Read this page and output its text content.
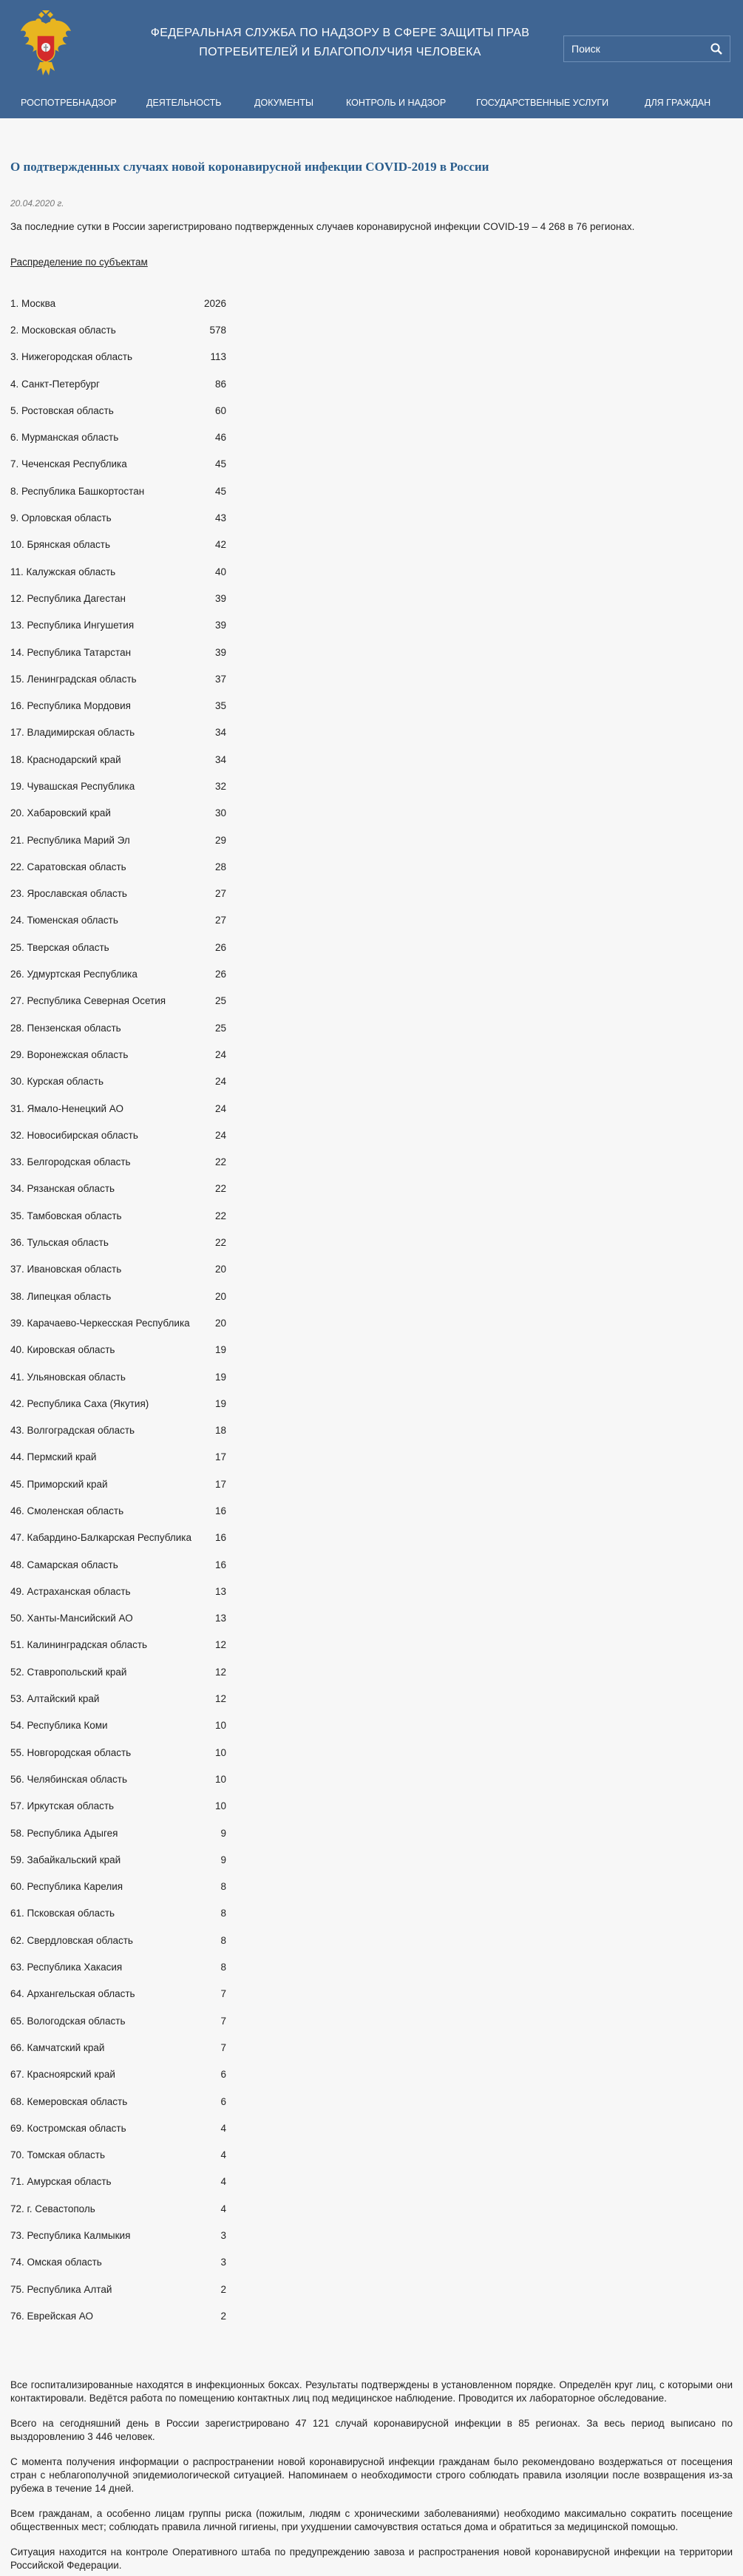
ФЕДЕРАЛЬНАЯ СЛУЖБА ПО НАДЗОРУ В СФЕРЕ ЗАЩИТЫ ПРАВ ПОТРЕБИТЕЛЕЙ И БЛАГОПОЛУЧИЯ ЧЕЛОВЕКА
Поиск
РОСПОТРЕБНАДЗОР	ДЕЯТЕЛЬНОСТЬ	ДОКУМЕНТЫ	КОНТРОЛЬ И НАДЗОР	ГОСУДАРСТВЕННЫЕ УСЛУГИ	ДЛЯ ГРАЖДАН
О подтвержденных случаях новой коронавирусной инфекции COVID-2019 в России
20.04.2020 г.

За последние сутки в России зарегистрировано подтвержденных случаев коронавирусной инфекции COVID-19 – 4 268 в 76 регионах.

Распределение по субъектам
1. Москва	2026
2. Московская область	578
3. Нижегородская область	113
4. Санкт-Петербург	86
5. Ростовская область	60
6. Мурманская область	46
7. Чеченская Республика	45
8. Республика Башкортостан	45
9. Орловская область	43
10. Брянская область	42
11. Калужская область	40
12. Республика Дагестан	39
13. Республика Ингушетия	39
14. Республика Татарстан	39
15. Ленинградская область	37
16. Республика Мордовия	35
17. Владимирская область	34
18. Краснодарский край	34
19. Чувашская Республика	32
20. Хабаровский край	30
21. Республика Марий Эл	29
22. Саратовская область	28
23. Ярославская область	27
24. Тюменская область	27
25. Тверская область	26
26. Удмуртская Республика	26
27. Республика Северная Осетия	25
28. Пензенская область	25
29. Воронежская область	24
30. Курская область	24
31. Ямало-Ненецкий АО	24
32. Новосибирская область	24
33. Белгородская область	22
34. Рязанская область	22
35. Тамбовская область	22
36. Тульская область	22
37. Ивановская область	20
38. Липецкая область	20
39. Карачаево-Черкесская Республика	20
40. Кировская область	19
41. Ульяновская область	19
42. Республика Саха (Якутия)	19
43. Волгоградская область	18
44. Пермский край	17
45. Приморский край	17
46. Смоленская область	16
47. Кабардино-Балкарская Республика	16
48. Самарская область	16
49. Астраханская область	13
50. Ханты-Мансийский АО	13
51. Калининградская область	12
52. Ставропольский край	12
53. Алтайский край	12
54. Республика Коми	10
55. Новгородская область	10
56. Челябинская область	10
57. Иркутская область	10
58. Республика Адыгея	9
59. Забайкальский край	9
60. Республика Карелия	8
61. Псковская область	8
62. Свердловская область	8
63. Республика Хакасия	8
64. Архангельская область	7
65. Вологодская область	7
66. Камчатский край	7
67. Красноярский край	6
68. Кемеровская область	6
69. Костромская область	4
70. Томская область	4
71. Амурская область	4
72. г. Севастополь	4
73. Республика Калмыкия	3
74. Омская область	3
75. Республика Алтай	2
76. Еврейская АО	2

Все госпитализированные находятся в инфекционных боксах. Результаты подтверждены в установленном порядке. Определён круг лиц, с которыми они контактировали. Ведётся работа по помещению контактных лиц под медицинское наблюдение. Проводится их лабораторное обследование.

Всего на сегодняшний день в России зарегистрировано 47 121 случай коронавирусной инфекции в 85 регионах. За весь период выписано по выздоровлению 3 446 человек.

С момента получения информации о распространении новой коронавирусной инфекции гражданам было рекомендовано воздержаться от посещения стран с неблагополучной эпидемиологической ситуацией. Напоминаем о необходимости строго соблюдать правила изоляции после возвращения из-за рубежа в течение 14 дней.

Всем гражданам, а особенно лицам группы риска (пожилым, людям с хроническими заболеваниями) необходимо максимально сократить посещение общественных мест; соблюдать правила личной гигиены, при ухудшении самочувствия остаться дома и обратиться за медицинской помощью.

Ситуация находится на контроле Оперативного штаба по предупреждению завоза и распространения новой коронавирусной инфекции на территории Российской Федерации.
